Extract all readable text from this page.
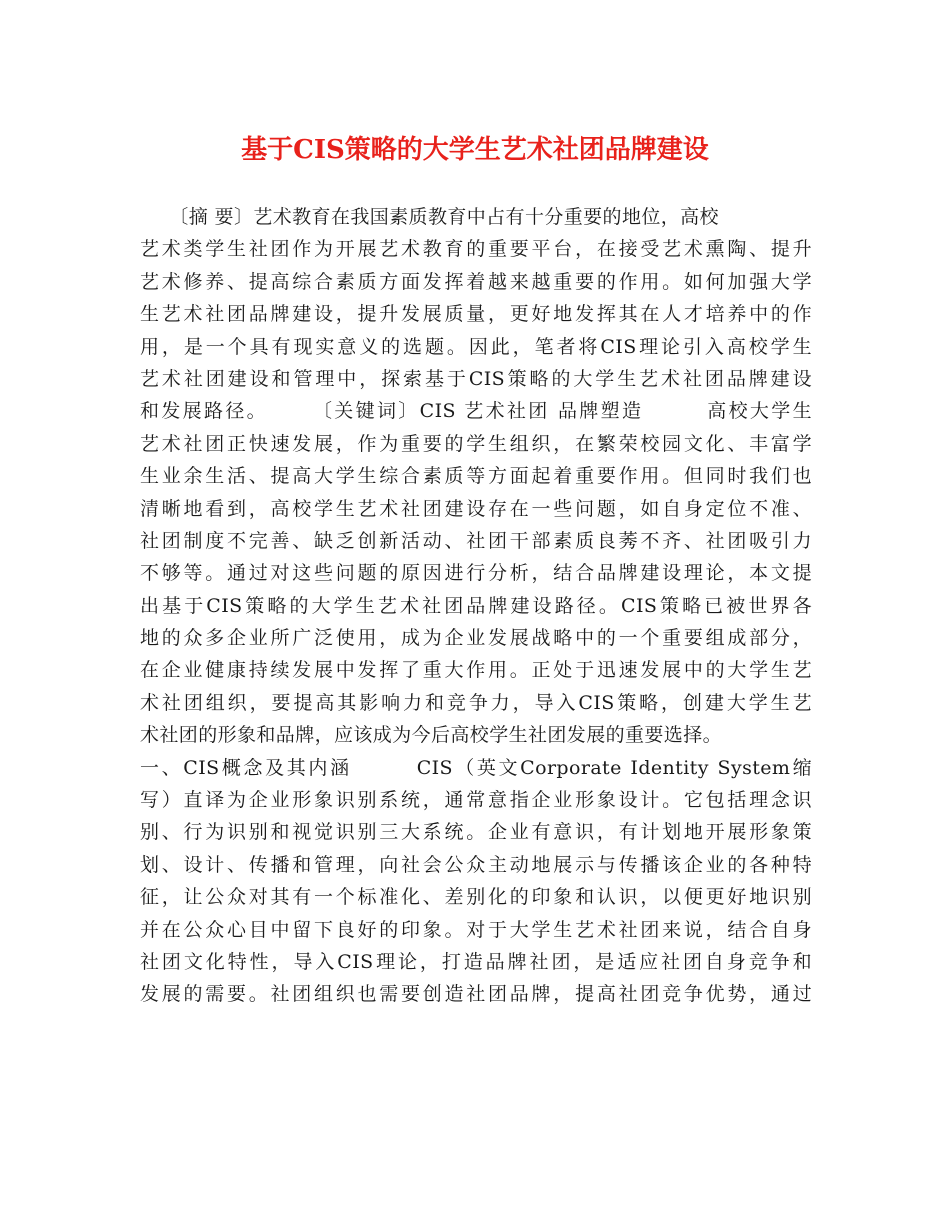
基于CIS策略的大学生艺术社团品牌建设
　　〔摘 要〕艺术教育在我国素质教育中占有十分重要的地位，高校
艺术类学生社团作为开展艺术教育的重要平台，在接受艺术熏陶、提升
艺术修养、提高综合素质方面发挥着越来越重要的作用。如何加强大学
生艺术社团品牌建设，提升发展质量，更好地发挥其在人才培养中的作
用，是一个具有现实意义的选题。因此，笔者将CIS理论引入高校学生
艺术社团建设和管理中，探索基于CIS策略的大学生艺术社团品牌建设
和发展路径。　　　〔关键词〕CIS 艺术社团 品牌塑造　　　高校大学生
艺术社团正快速发展，作为重要的学生组织，在繁荣校园文化、丰富学
生业余生活、提高大学生综合素质等方面起着重要作用。但同时我们也
清晰地看到，高校学生艺术社团建设存在一些问题，如自身定位不准、
社团制度不完善、缺乏创新活动、社团干部素质良莠不齐、社团吸引力
不够等。通过对这些问题的原因进行分析，结合品牌建设理论，本文提
出基于CIS策略的大学生艺术社团品牌建设路径。CIS策略已被世界各
地的众多企业所广泛使用，成为企业发展战略中的一个重要组成部分，
在企业健康持续发展中发挥了重大作用。正处于迅速发展中的大学生艺
术社团组织，要提高其影响力和竞争力，导入CIS策略，创建大学生艺
术社团的形象和品牌，应该成为今后高校学生社团发展的重要选择。
一、CIS概念及其内涵　　　CIS（英文Corporate Identity System缩
写）直译为企业形象识别系统，通常意指企业形象设计。它包括理念识
别、行为识别和视觉识别三大系统。企业有意识，有计划地开展形象策
划、设计、传播和管理，向社会公众主动地展示与传播该企业的各种特
征，让公众对其有一个标准化、差别化的印象和认识，以便更好地识别
并在公众心目中留下良好的印象。对于大学生艺术社团来说，结合自身
社团文化特性，导入CIS理论，打造品牌社团，是适应社团自身竞争和
发展的需要。社团组织也需要创造社团品牌，提高社团竞争优势，通过
